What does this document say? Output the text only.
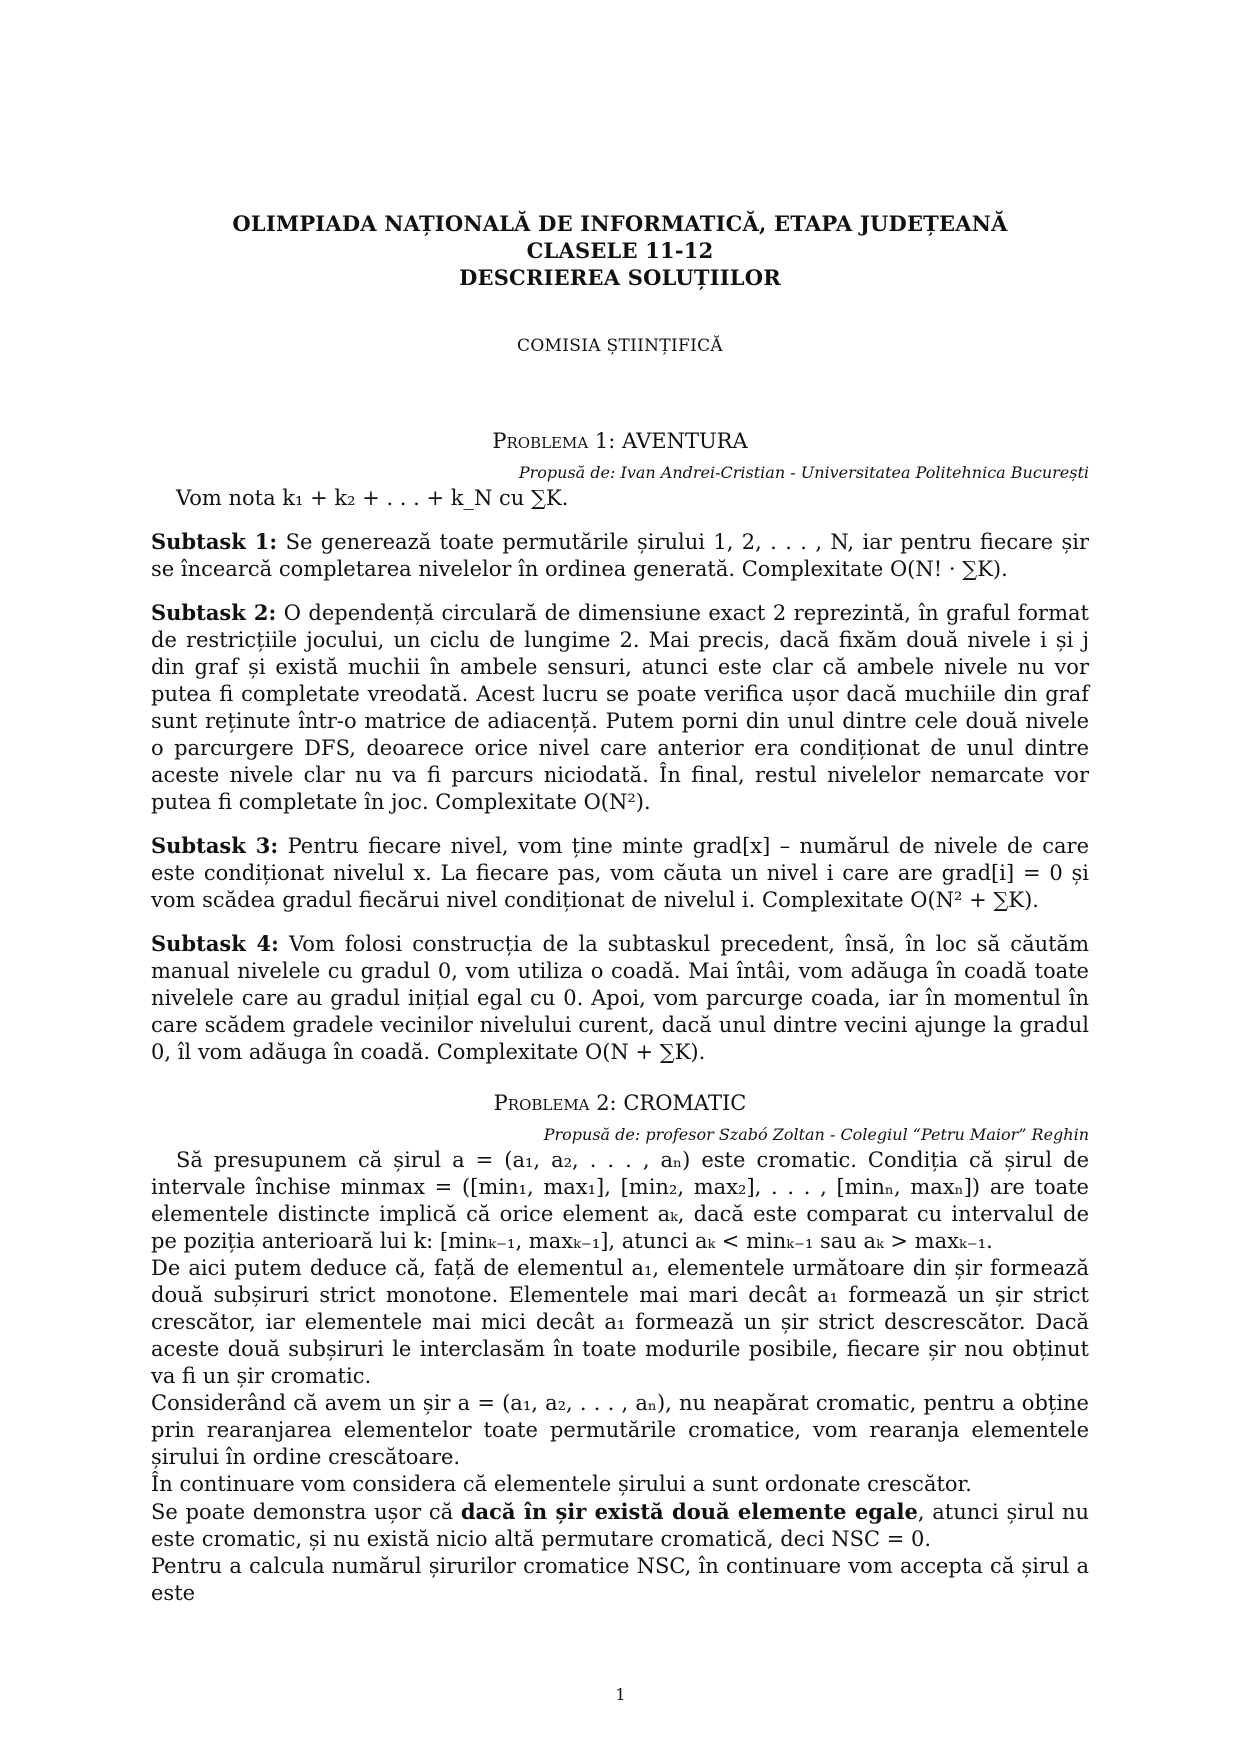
OLIMPIADA NAȚIONALĂ DE INFORMATICĂ, ETAPA JUDEȚEANĂ
CLASELE 11-12
DESCRIEREA SOLUȚIILOR
COMISIA ȘTIINȚIFICĂ
Problema 1: AVENTURA
Propusă de: Ivan Andrei-Cristian - Universitatea Politehnica București

Vom nota k₁ + k₂ + . . . + k_N cu ∑K.

Subtask 1: Se generează toate permutările șirului 1, 2, . . . , N, iar pentru fiecare șir se încearcă completarea nivelelor în ordinea generată. Complexitate O(N! · ∑K).

Subtask 2: O dependență circulară de dimensiune exact 2 reprezintă, în graful format de restricțiile jocului, un ciclu de lungime 2. Mai precis, dacă fixăm două nivele i și j din graf și există muchii în ambele sensuri, atunci este clar că ambele nivele nu vor putea fi completate vreodată. Acest lucru se poate verifica ușor dacă muchiile din graf sunt reținute într-o matrice de adiacență. Putem porni din unul dintre cele două nivele o parcurgere DFS, deoarece orice nivel care anterior era condiționat de unul dintre aceste nivele clar nu va fi parcurs niciodată. În final, restul nivelelor nemarcate vor putea fi completate în joc. Complexitate O(N²).

Subtask 3: Pentru fiecare nivel, vom ține minte grad[x] – numărul de nivele de care este condiționat nivelul x. La fiecare pas, vom căuta un nivel i care are grad[i] = 0 și vom scădea gradul fiecărui nivel condiționat de nivelul i. Complexitate O(N² + ∑K).

Subtask 4: Vom folosi construcția de la subtaskul precedent, însă, în loc să căutăm manual nivelele cu gradul 0, vom utiliza o coadă. Mai întâi, vom adăuga în coadă toate nivelele care au gradul inițial egal cu 0. Apoi, vom parcurge coada, iar în momentul în care scădem gradele vecinilor nivelului curent, dacă unul dintre vecini ajunge la gradul 0, îl vom adăuga în coadă. Complexitate O(N + ∑K).

Problema 2: CROMATIC
Propusă de: profesor Szabó Zoltan - Colegiul “Petru Maior” Reghin

Să presupunem că șirul a = (a₁, a₂, . . . , aₙ) este cromatic. Condiția că șirul de intervale închise minmax = ([min₁, max₁], [min₂, max₂], . . . , [minₙ, maxₙ]) are toate elementele distincte implică că orice element aₖ, dacă este comparat cu intervalul de pe poziția anterioară lui k: [minₖ₋₁, maxₖ₋₁], atunci aₖ < minₖ₋₁ sau aₖ > maxₖ₋₁.

De aici putem deduce că, față de elementul a₁, elementele următoare din șir formează două subșiruri strict monotone. Elementele mai mari decât a₁ formează un șir strict crescător, iar elementele mai mici decât a₁ formează un șir strict descrescător. Dacă aceste două subșiruri le interclasăm în toate modurile posibile, fiecare șir nou obținut va fi un șir cromatic.

Considerând că avem un șir a = (a₁, a₂, . . . , aₙ), nu neapărat cromatic, pentru a obține prin rearanjarea elementelor toate permutările cromatice, vom rearanja elementele șirului în ordine crescătoare.

În continuare vom considera că elementele șirului a sunt ordonate crescător.

Se poate demonstra ușor că dacă în șir există două elemente egale, atunci șirul nu este cromatic, și nu există nicio altă permutare cromatică, deci NSC = 0.

Pentru a calcula numărul șirurilor cromatice NSC, în continuare vom accepta că șirul a este

1
